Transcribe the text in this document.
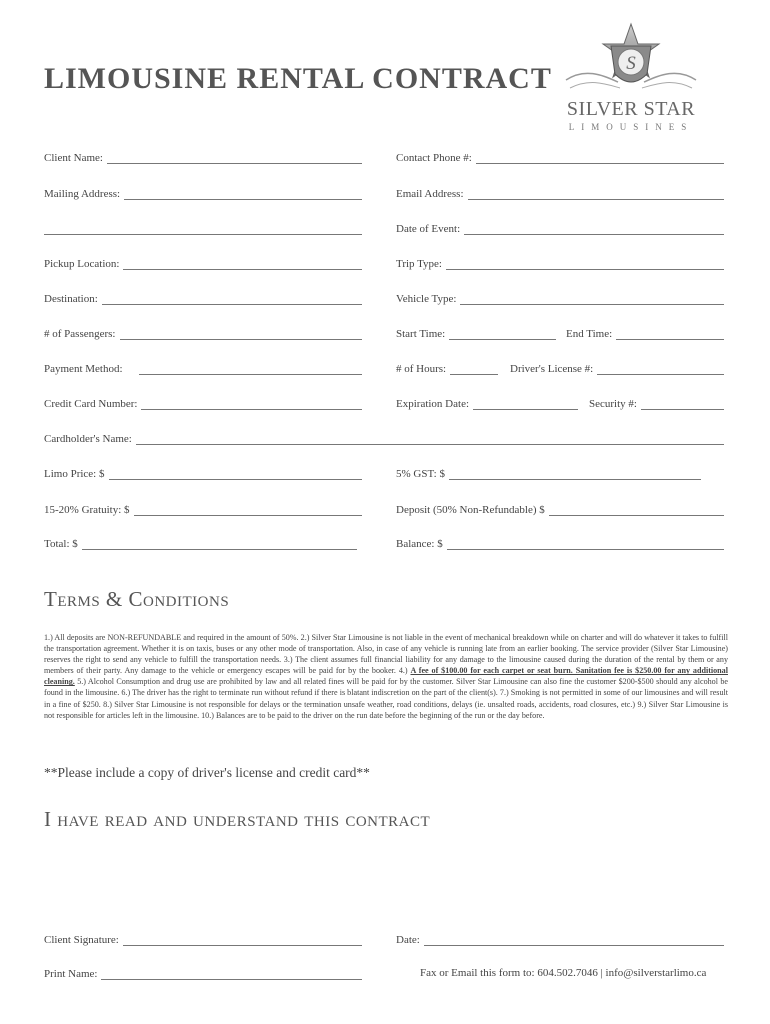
LIMOUSINE RENTAL CONTRACT	S
SILVER STAR
LIMOUSINES
Client Name:	Contact Phone #:
Mailing Address:	Email Address:
Date of Event:
Pickup Location:	Trip Type:
Destination:	Vehicle Type:
# of Passengers:	Start Time:	End Time:
Payment Method:	# of Hours:	Driver's License #:
Credit Card Number:	Expiration Date:	Security #:
Cardholder's Name:
Limo Price: $	5% GST: $
15-20% Gratuity: $	Deposit (50% Non-Refundable) $
Total: $	Balance: $
Terms & Conditions
1.) All deposits are NON-REFUNDABLE and required in the amount of 50%. 2.) Silver Star Limousine is not liable in the event of mechanical breakdown while on charter and will do whatever it takes to fulfill the transportation agreement. Whether it is on taxis, buses or any other mode of transportation. Also, in case of any vehicle is running late from an earlier booking. The service provider (Silver Star Limousine) reserves the right to send any vehicle to fulfill the transportation needs. 3.) The client assumes full financial liability for any damage to the limousine caused during the duration of the rental by them or any members of their party. Any damage to the vehicle or emergency escapes will be paid for by the booker. 4.) A fee of $100.00 for each carpet or seat burn. Sanitation fee is $250.00 for any additional cleaning. 5.) Alcohol Consumption and drug use are prohibited by law and all related fines will be paid for by the customer. Silver Star Limousine can also fine the customer $200-$500 should any alcohol be found in the limousine. 6.) The driver has the right to terminate run without refund if there is blatant indiscretion on the part of the client(s). 7.) Smoking is not permitted in some of our limousines and will result in a fine of $250. 8.) Silver Star Limousine is not responsible for delays or the termination unsafe weather, road conditions, delays (ie. unsalted roads, accidents, road closures, etc.) 9.) Silver Star Limousine is not responsible for articles left in the limousine. 10.) Balances are to be paid to the driver on the run date before the beginning of the run or the day before.
**Please include a copy of driver's license and credit card**
I have read and understand this contract
Client Signature:	Date:
Print Name:	Fax or Email this form to: 604.502.7046 | info@silverstarlimo.ca
